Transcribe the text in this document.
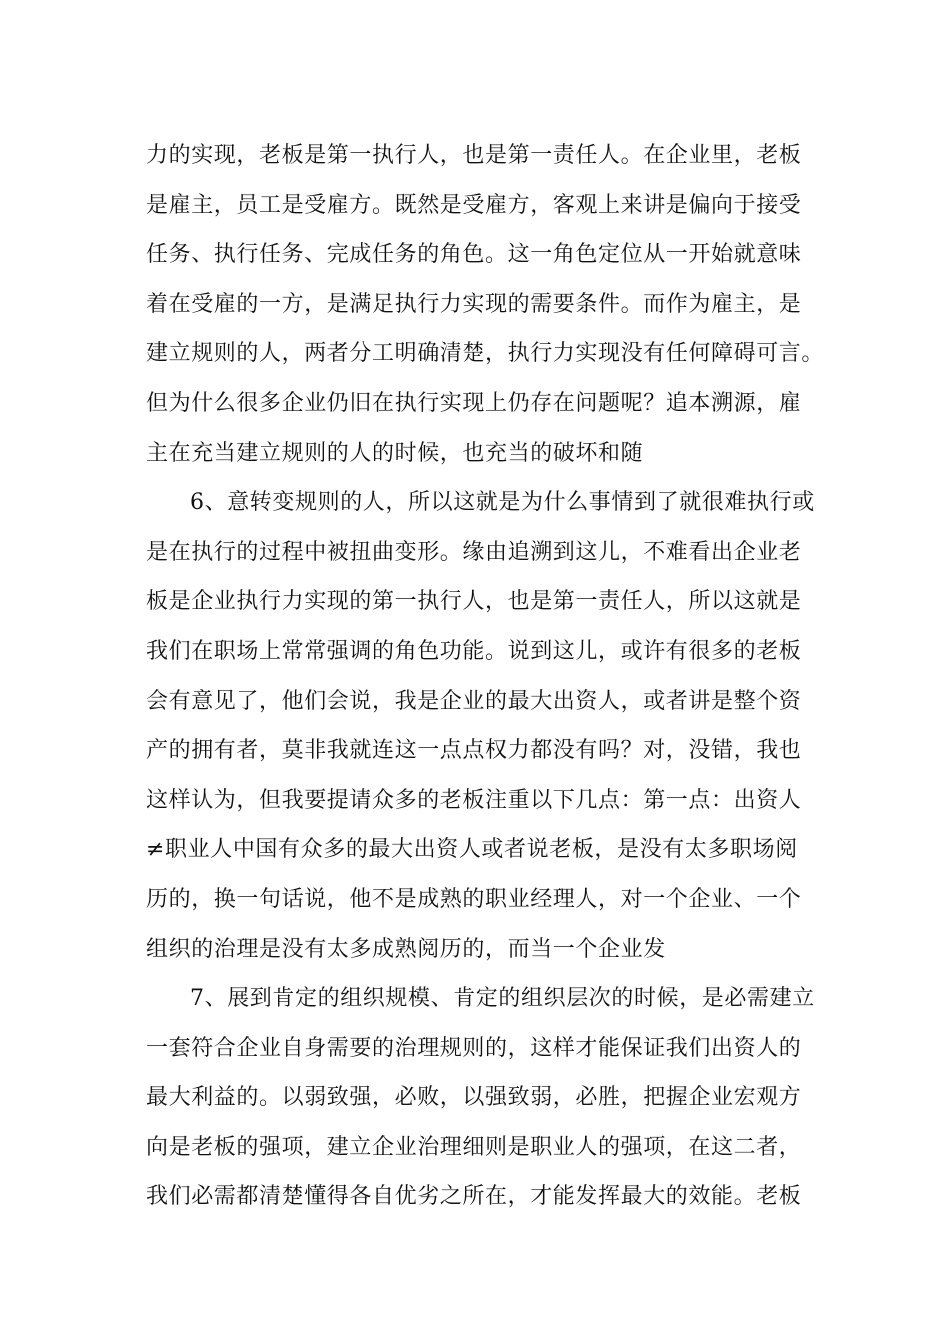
力的实现，老板是第一执行人，也是第一责任人。在企业里，老板
是雇主，员工是受雇方。既然是受雇方，客观上来讲是偏向于接受
任务、执行任务、完成任务的角色。这一角色定位从一开始就意味
着在受雇的一方，是满足执行力实现的需要条件。而作为雇主，是
建立规则的人，两者分工明确清楚，执行力实现没有任何障碍可言。
但为什么很多企业仍旧在执行实现上仍存在问题呢？追本溯源，雇
主在充当建立规则的人的时候，也充当的破坏和随
6、意转变规则的人，所以这就是为什么事情到了就很难执行或
是在执行的过程中被扭曲变形。缘由追溯到这儿，不难看出企业老
板是企业执行力实现的第一执行人，也是第一责任人，所以这就是
我们在职场上常常强调的角色功能。说到这儿，或许有很多的老板
会有意见了，他们会说，我是企业的最大出资人，或者讲是整个资
产的拥有者，莫非我就连这一点点权力都没有吗？对，没错，我也
这样认为，但我要提请众多的老板注重以下几点：第一点：出资人
≠职业人中国有众多的最大出资人或者说老板，是没有太多职场阅
历的，换一句话说，他不是成熟的职业经理人，对一个企业、一个
组织的治理是没有太多成熟阅历的，而当一个企业发
7、展到肯定的组织规模、肯定的组织层次的时候，是必需建立
一套符合企业自身需要的治理规则的，这样才能保证我们出资人的
最大利益的。以弱致强，必败，以强致弱，必胜，把握企业宏观方
向是老板的强项，建立企业治理细则是职业人的强项，在这二者，
我们必需都清楚懂得各自优劣之所在，才能发挥最大的效能。老板
